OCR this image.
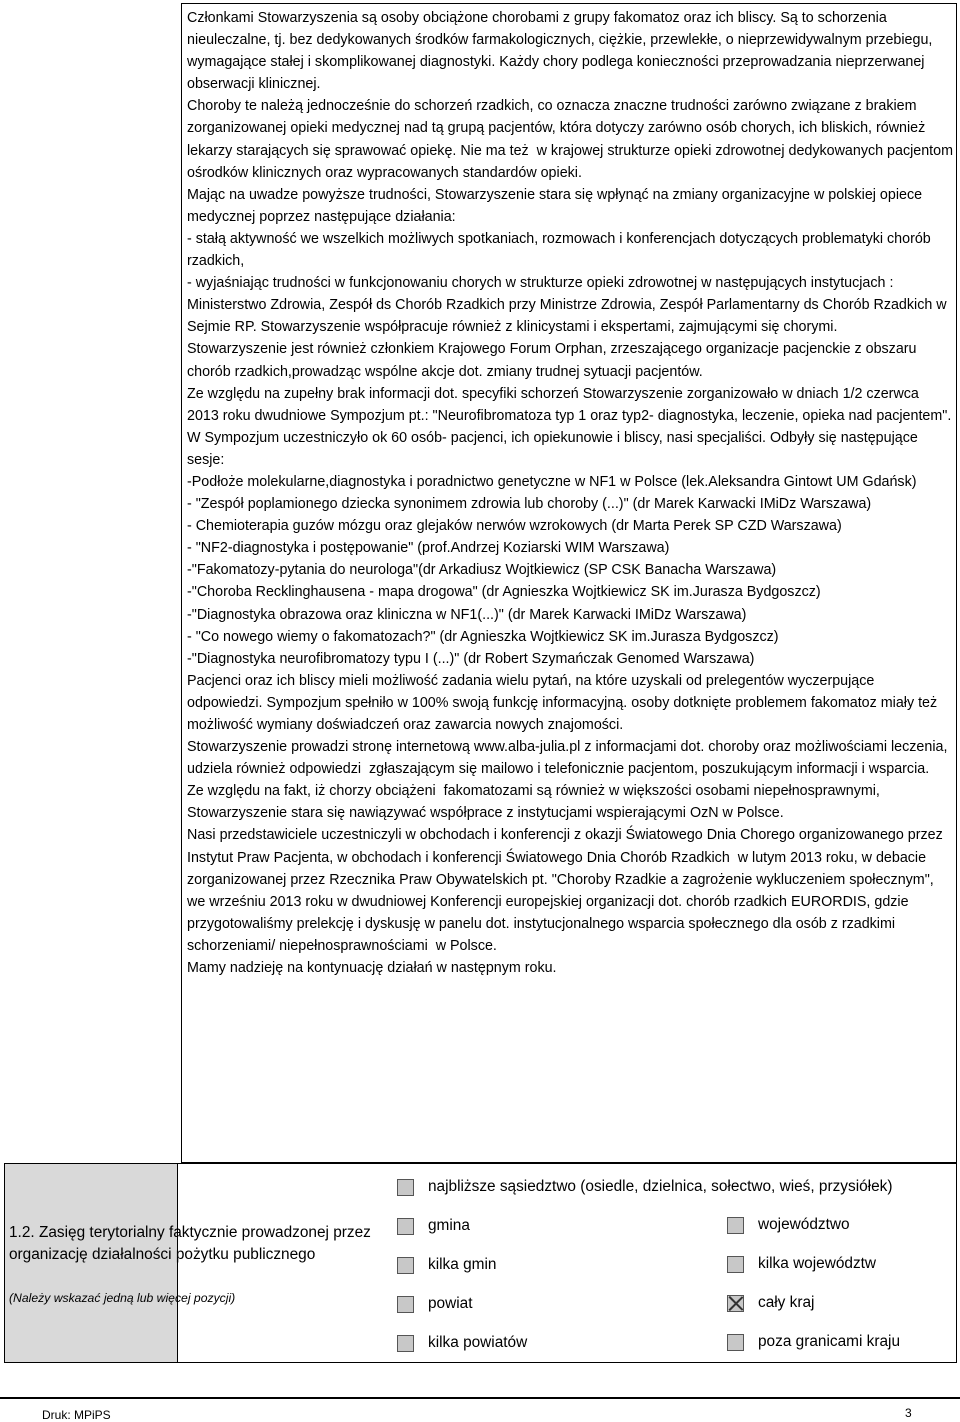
Członkami Stowarzyszenia są osoby obciążone chorobami z grupy fakomatoz oraz ich bliscy. Są to schorzenia nieuleczalne, tj. bez dedykowanych środków farmakologicznych, ciężkie, przewlekłe, o nieprzewidywalnym przebiegu, wymagające stałej i skomplikowanej diagnostyki. Każdy chory podlega konieczności przeprowadzania nieprzerwanej obserwacji klinicznej.

Choroby te należą jednocześnie do schorzeń rzadkich, co oznacza znaczne trudności zarówno związane z brakiem zorganizowanej opieki medycznej nad tą grupą pacjentów, która dotyczy zarówno osób chorych, ich bliskich, również lekarzy starających się sprawować opiekę. Nie ma też  w krajowej strukturze opieki zdrowotnej dedykowanych pacjentom ośrodków klinicznych oraz wypracowanych standardów opieki.

Mając na uwadze powyższe trudności, Stowarzyszenie stara się wpłynąć na zmiany organizacyjne w polskiej opiece medycznej poprzez następujące działania:

- stałą aktywność we wszelkich możliwych spotkaniach, rozmowach i konferencjach dotyczących problematyki chorób rzadkich,

- wyjaśniając trudności w funkcjonowaniu chorych w strukturze opieki zdrowotnej w następujących instytucjach : Ministerstwo Zdrowia, Zespół ds Chorób Rzadkich przy Ministrze Zdrowia, Zespół Parlamentarny ds Chorób Rzadkich w Sejmie RP. Stowarzyszenie współpracuje również z klinicystami i ekspertami, zajmującymi się chorymi.

Stowarzyszenie jest również członkiem Krajowego Forum Orphan, zrzeszającego organizacje pacjenckie z obszaru chorób rzadkich,prowadząc wspólne akcje dot. zmiany trudnej sytuacji pacjentów.

Ze względu na zupełny brak informacji dot. specyfiki schorzeń Stowarzyszenie zorganizowało w dniach 1/2 czerwca 2013 roku dwudniowe Sympozjum pt.: "Neurofibromatoza typ 1 oraz typ2- diagnostyka, leczenie, opieka nad pacjentem".

W Sympozjum uczestniczyło ok 60 osób- pacjenci, ich opiekunowie i bliscy, nasi specjaliści. Odbyły się następujące sesje:

-Podłoże molekularne,diagnostyka i poradnictwo genetyczne w NF1 w Polsce (lek.Aleksandra Gintowt UM Gdańsk)

- "Zespół poplamionego dziecka synonimem zdrowia lub choroby (...)" (dr Marek Karwacki IMiDz Warszawa)

- Chemioterapia guzów mózgu oraz glejaków nerwów wzrokowych (dr Marta Perek SP CZD Warszawa)

- "NF2-diagnostyka i postępowanie" (prof.Andrzej Koziarski WIM Warszawa)

-"Fakomatozy-pytania do neurologa"(dr Arkadiusz Wojtkiewicz (SP CSK Banacha Warszawa)

-"Choroba Recklinghausena - mapa drogowa" (dr Agnieszka Wojtkiewicz SK im.Jurasza Bydgoszcz)

-"Diagnostyka obrazowa oraz kliniczna w NF1(...)" (dr Marek Karwacki IMiDz Warszawa)

- "Co nowego wiemy o fakomatozach?" (dr Agnieszka Wojtkiewicz SK im.Jurasza Bydgoszcz)

-"Diagnostyka neurofibromatozy typu I (...)" (dr Robert Szymańczak Genomed Warszawa)

Pacjenci oraz ich bliscy mieli możliwość zadania wielu pytań, na które uzyskali od prelegentów wyczerpujące odpowiedzi. Sympozjum spełniło w 100% swoją funkcję informacyjną. osoby dotknięte problemem fakomatoz miały też możliwość wymiany doświadczeń oraz zawarcia nowych znajomości.

Stowarzyszenie prowadzi stronę internetową www.alba-julia.pl z informacjami dot. choroby oraz możliwościami leczenia, udziela również odpowiedzi  zgłaszającym się mailowo i telefonicznie pacjentom, poszukującym informacji i wsparcia.

Ze względu na fakt, iż chorzy obciążeni  fakomatozami są również w większości osobami niepełnosprawnymi, Stowarzyszenie stara się nawiązywać współprace z instytucjami wspierającymi OzN w Polsce.

Nasi przedstawiciele uczestniczyli w obchodach i konferencji z okazji Światowego Dnia Chorego organizowanego przez Instytut Praw Pacjenta, w obchodach i konferencji Światowego Dnia Chorób Rzadkich  w lutym 2013 roku, w debacie zorganizowanej przez Rzecznika Praw Obywatelskich pt. "Choroby Rzadkie a zagrożenie wykluczeniem społecznym", we wrześniu 2013 roku w dwudniowej Konferencji europejskiej organizacji dot. chorób rzadkich EURORDIS, gdzie przygotowaliśmy prelekcję i dyskusję w panelu dot. instytucjonalnego wsparcia społecznego dla osób z rzadkimi schorzeniami/ niepełnosprawnościami  w Polsce.

Mamy nadzieję na kontynuację działań w następnym roku.

1.2. Zasięg terytorialny faktycznie prowadzonej przez organizację działalności pożytku publicznego
(Należy wskazać jedną lub więcej pozycji)
najbliższe sąsiedztwo (osiedle, dzielnica, sołectwo, wieś, przysiółek)
gmina	województwo
kilka gmin	kilka województw
powiat	cały kraj
kilka powiatów	poza granicami kraju
Druk: MPiPS	3
